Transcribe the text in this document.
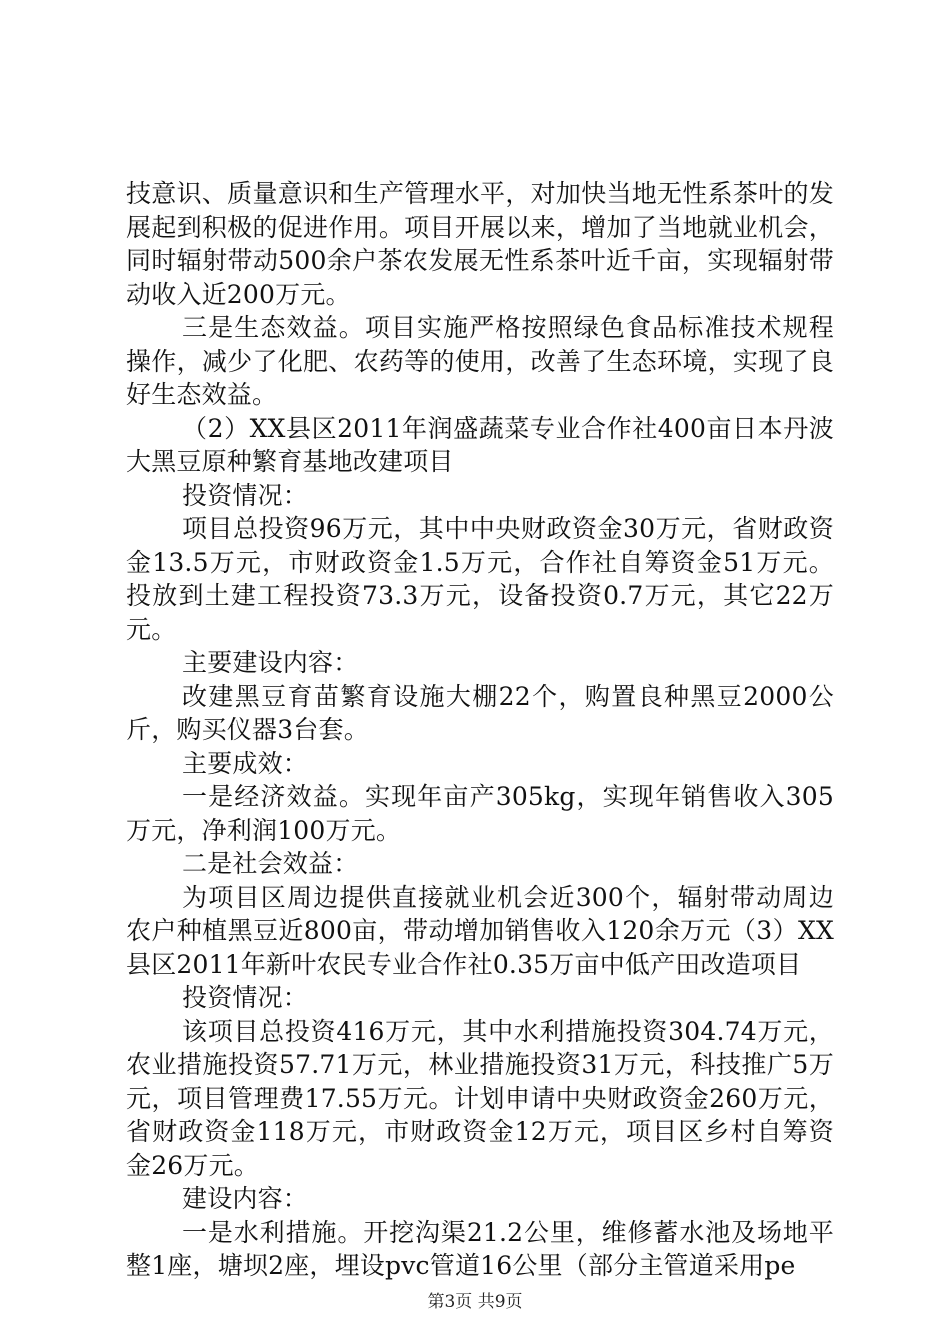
技意识、质量意识和生产管理水平，对加快当地无性系茶叶的发展起到积极的促进作用。项目开展以来，增加了当地就业机会，同时辐射带动500余户茶农发展无性系茶叶近千亩，实现辐射带动收入近200万元。

三是生态效益。项目实施严格按照绿色食品标准技术规程操作，减少了化肥、农药等的使用，改善了生态环境，实现了良好生态效益。

（2）XX县区2011年润盛蔬菜专业合作社400亩日本丹波大黑豆原种繁育基地改建项目

投资情况：

项目总投资96万元，其中中央财政资金30万元，省财政资金13.5万元，市财政资金1.5万元，合作社自筹资金51万元。投放到土建工程投资73.3万元，设备投资0.7万元，其它22万元。

主要建设内容：

改建黑豆育苗繁育设施大棚22个，购置良种黑豆2000公斤，购买仪器3台套。

主要成效：

一是经济效益。实现年亩产305kg，实现年销售收入305万元，净利润100万元。

二是社会效益：

为项目区周边提供直接就业机会近300个，辐射带动周边农户种植黑豆近800亩，带动增加销售收入120余万元（3）XX县区2011年新叶农民专业合作社0.35万亩中低产田改造项目

投资情况：

该项目总投资416万元，其中水利措施投资304.74万元，农业措施投资57.71万元，林业措施投资31万元，科技推广5万元，项目管理费17.55万元。计划申请中央财政资金260万元，省财政资金118万元，市财政资金12万元，项目区乡村自筹资金26万元。

建设内容：

一是水利措施。开挖沟渠21.2公里，维修蓄水池及场地平整1座，塘坝2座，埋设pvc管道16公里（部分主管道采用pe

第3页 共9页
